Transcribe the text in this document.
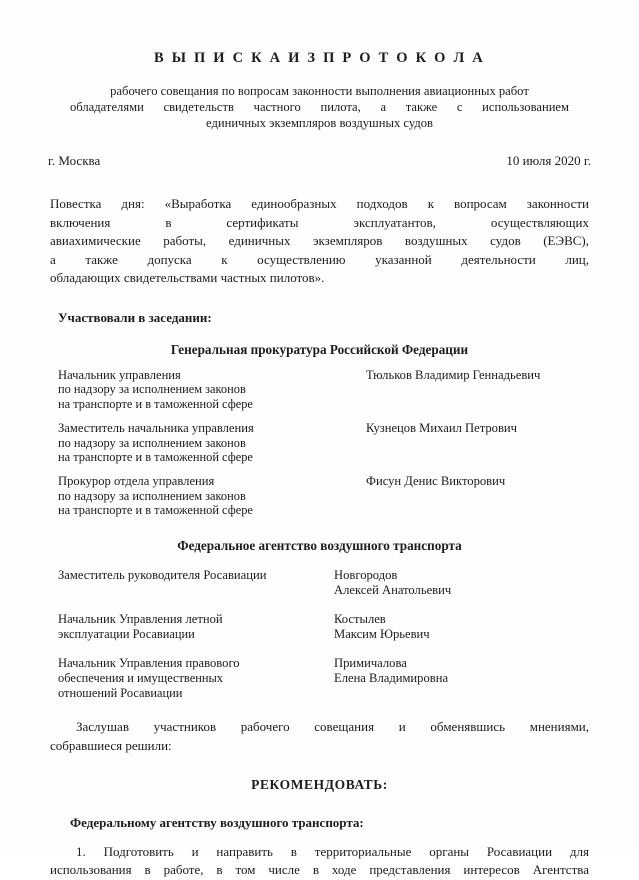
В Ы П И С К А И З П Р О Т О К О Л А
рабочего совещания по вопросам законности выполнения авиационных работ
обладателями свидетельств частного пилота, а также с использованием
единичных экземпляров воздушных судов
г. Москва	10 июля 2020 г.
Повестка дня: «Выработка единообразных подходов к вопросам законности
включения в сертификаты эксплуатантов, осуществляющих
авиахимические работы, единичных экземпляров воздушных судов (ЕЭВС),
а также допуска к осуществлению указанной деятельности лиц,
обладающих свидетельствами частных пилотов».
Участвовали в заседании:
Генеральная прокуратура Российской Федерации
Начальник управления
по надзору за исполнением законов
на транспорте и в таможенной сфере
Тюльков Владимир Геннадьевич
Заместитель начальника управления
по надзору за исполнением законов
на транспорте и в таможенной сфере
Кузнецов Михаил Петрович
Прокурор отдела управления
по надзору за исполнением законов
на транспорте и в таможенной сфере
Фисун Денис Викторович
Федеральное агентство воздушного транспорта
Заместитель руководителя Росавиации	Новгородов
Алексей Анатольевич
Начальник Управления летной
эксплуатации Росавиации
Костылев
Максим Юрьевич
Начальник Управления правового
обеспечения и имущественных
отношений Росавиации
Примичалова
Елена Владимировна
Заслушав участников рабочего совещания и обменявшись мнениями,
собравшиеся решили:
РЕКОМЕНДОВАТЬ:
Федеральному агентству воздушного транспорта:
1. Подготовить и направить в территориальные органы Росавиации для
использования в работе, в том числе в ходе представления интересов Агентства
